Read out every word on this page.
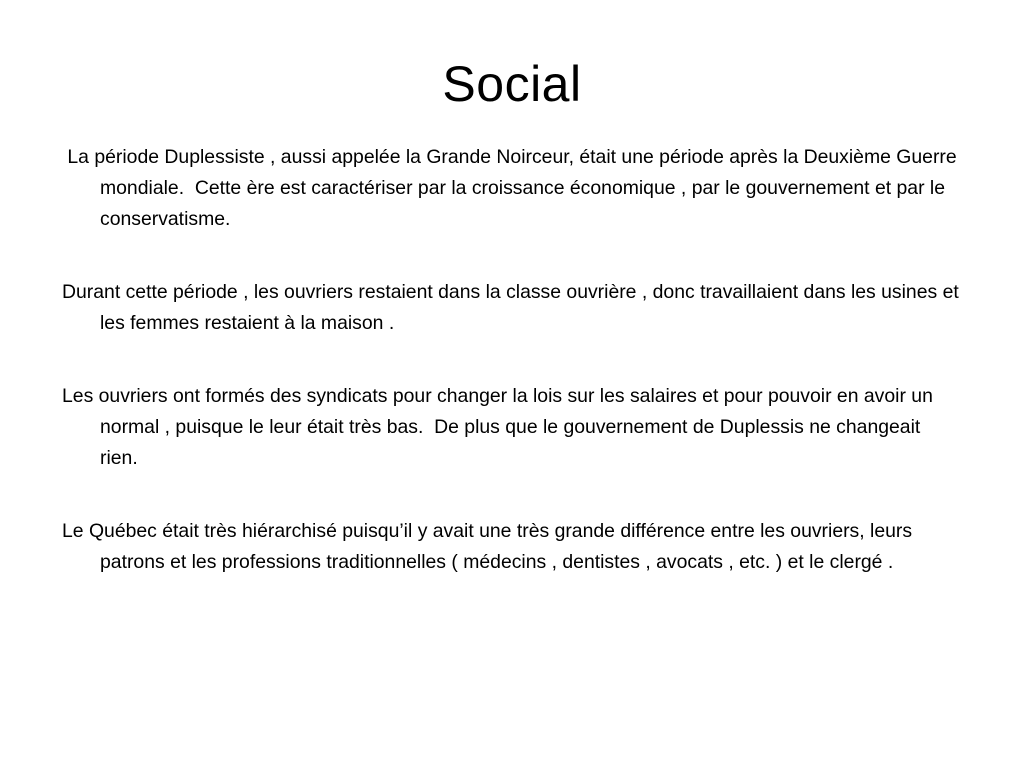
Social

La période Duplessiste , aussi appelée la Grande Noirceur, était une période après la Deuxième Guerre mondiale.  Cette ère est caractériser par la croissance économique , par le gouvernement et par le conservatisme.

Durant cette période , les ouvriers restaient dans la classe ouvrière , donc travaillaient dans les usines et les femmes restaient à la maison .

Les ouvriers ont formés des syndicats pour changer la lois sur les salaires et pour pouvoir en avoir un normal , puisque le leur était très bas.  De plus que le gouvernement de Duplessis ne changeait rien.

Le Québec était très hiérarchisé puisqu’il y avait une très grande différence entre les ouvriers, leurs patrons et les professions traditionnelles ( médecins , dentistes , avocats , etc. ) et le clergé .
